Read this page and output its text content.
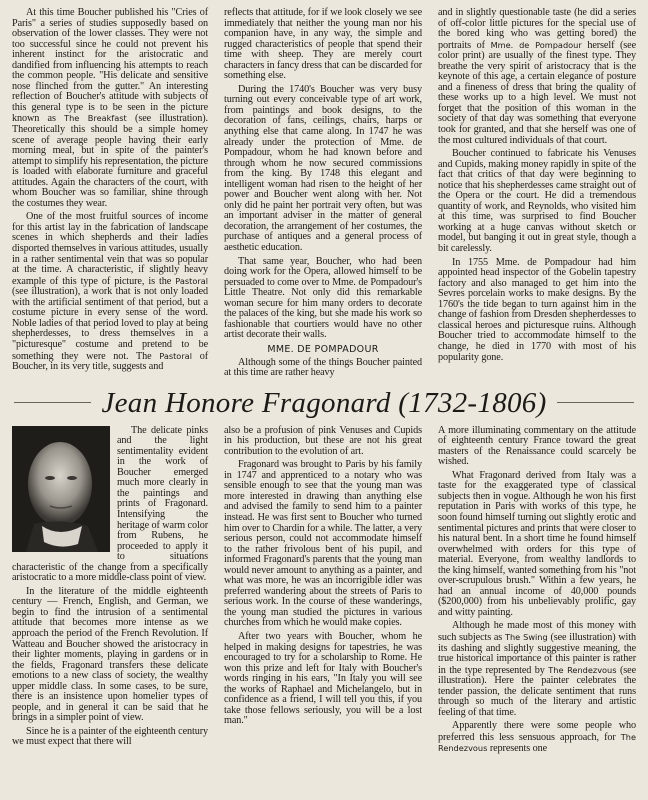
At this time Boucher published his "Cries of Paris" a series of studies supposedly based on observation of the lower classes. They were not too successful since he could not prevent his inherent instinct for the aristocratic and dandified from influencing his attempts to reach the common people. "His delicate and sensitive nose flinched from the gutter." An interesting reflection of Boucher's attitude with subjects of this general type is to be seen in the picture known as The Breakfast (see illustration). Theoretically this should be a simple homey scene of average people having their early morning meal, but in spite of the painter's attempt to simplify his representation, the picture is loaded with elaborate furniture and graceful attitudes. Again the characters of the court, with whom Boucher was so familiar, shine through the costumes they wear.

One of the most fruitful sources of income for this artist lay in the fabrication of landscape scenes in which shepherds and their ladies disported themselves in various attitudes, usually in a rather sentimental vein that was so popular at the time. A characteristic, if slightly heavy example of this type of picture, is the Pastoral (see illustration), a work that is not only loaded with the artificial sentiment of that period, but a costume picture in every sense of the word. Noble ladies of that period loved to play at being shepherdesses, to dress themselves in a "picturesque" costume and pretend to be something they were not. The Pastoral of Boucher, in its very title, suggests and

reflects that attitude, for if we look closely we see immediately that neither the young man nor his companion have, in any way, the simple and rugged characteristics of people that spend their time with sheep. They are merely court characters in fancy dress that can be discarded for something else.

During the 1740's Boucher was very busy turning out every conceivable type of art work, from paintings and book designs, to the decoration of fans, ceilings, chairs, harps or anything else that came along. In 1747 he was already under the protection of Mme. de Pompadour, whom he had known before and through whom he now secured commissions from the king. By 1748 this elegant and intelligent woman had risen to the height of her power and Boucher went along with her. Not only did he paint her portrait very often, but was an important adviser in the matter of general decoration, the arrangement of her costumes, the purchase of antiques and a general process of aesthetic education.

That same year, Boucher, who had been doing work for the Opera, allowed himself to be persuaded to come over to Mme. de Pompadour's Little Theatre. Not only did this remarkable woman secure for him many orders to decorate the palaces of the king, but she made his work so fashionable that courtiers would have no other artist decorate their walls.

MME. DE POMPADOUR

Although some of the things Boucher painted at this time are rather heavy

and in slightly questionable taste (he did a series of off-color little pictures for the special use of the bored king who was getting bored) the portraits of Mme. de Pompadour herself (see color print) are usually of the finest type. They breathe the very spirit of aristocracy that is the keynote of this age, a certain elegance of posture and a fineness of dress that bring the quality of these works up to a high level. We must not forget that the position of this woman in the society of that day was something that everyone took for granted, and that she herself was one of the most cultured individuals of that court.

Boucher continued to fabricate his Venuses and Cupids, making money rapidly in spite of the fact that critics of that day were beginning to notice that his shepherdesses came straight out of the Opera or the court. He did a tremendous quantity of work, and Reynolds, who visited him at this time, was surprised to find Boucher working at a huge canvas without sketch or model, but banging it out in great style, though a bit carelessly.

In 1755 Mme. de Pompadour had him appointed head inspector of the Gobelin tapestry factory and also managed to get him into the Sevres porcelain works to make designs. By the 1760's the tide began to turn against him in the change of fashion from Dresden shepherdesses to classical heroes and picturesque ruins. Although Boucher tried to accommodate himself to the change, he died in 1770 with most of his popularity gone.

Jean Honore Fragonard (1732-1806)

The delicate pinks and the light sentimentality evident in the work of Boucher emerged much more clearly in the paintings and prints of Fragonard. Intensifying the heritage of warm color from Rubens, he proceeded to apply it to situations characteristic of the change from a specifically aristocratic to a more middle-class point of view.

In the literature of the middle eighteenth century — French, English, and German, we begin to find the intrusion of a sentimental attitude that becomes more intense as we approach the period of the French Revolution. If Watteau and Boucher showed the aristocracy in their lighter moments, playing in gardens or in the fields, Fragonard transfers these delicate emotions to a new class of society, the wealthy upper middle class. In some cases, to be sure, there is an insistence upon homelier types of people, and in general it can be said that he brings in a simpler point of view.

Since he is a painter of the eighteenth century we must expect that there will

also be a profusion of pink Venuses and Cupids in his production, but these are not his great contribution to the evolution of art.

Fragonard was brought to Paris by his family in 1747 and apprenticed to a notary who was sensible enough to see that the young man was more interested in drawing than anything else and advised the family to send him to a painter instead. He was first sent to Boucher who turned him over to Chardin for a while. The latter, a very serious person, could not accommodate himself to the rather frivolous bent of his pupil, and informed Fragonard's parents that the young man would never amount to anything as a painter, and what was more, he was an incorrigible idler was preferred wandering about the streets of Paris to serious work. In the course of these wanderings, the young man studied the pictures in various churches from which he would make copies.

After two years with Boucher, whom he helped in making designs for tapestries, he was encouraged to try for a scholarship to Rome. He won this prize and left for Italy with Boucher's words ringing in his ears, "In Italy you will see the works of Raphael and Michelangelo, but in confidence as a friend, I will tell you this, if you take those fellows seriously, you will be a lost man."

A more illuminating commentary on the attitude of eighteenth century France toward the great masters of the Renaissance could scarcely be wished.

What Fragonard derived from Italy was a taste for the exaggerated type of classical subjects then in vogue. Although he won his first reputation in Paris with works of this type, he soon found himself turning out slightly erotic and sentimental pictures and prints that were closer to his natural bent. In a short time he found himself overwhelmed with orders for this type of material. Everyone, from wealthy landlords to the king himself, wanted something from his "not over-scrupulous brush." Within a few years, he had an annual income of 40,000 pounds ($200,000) from his unbelievably prolific, gay and witty painting.

Although he made most of this money with such subjects as The Swing (see illustration) with its dashing and slightly suggestive meaning, the true historical importance of this painter is rather in the type represented by The Rendezvous (see illustration). Here the painter celebrates the tender passion, the delicate sentiment that runs through so much of the literary and artistic feeling of that time.

Apparently there were some people who preferred this less sensuous approach, for The Rendezvous represents one
